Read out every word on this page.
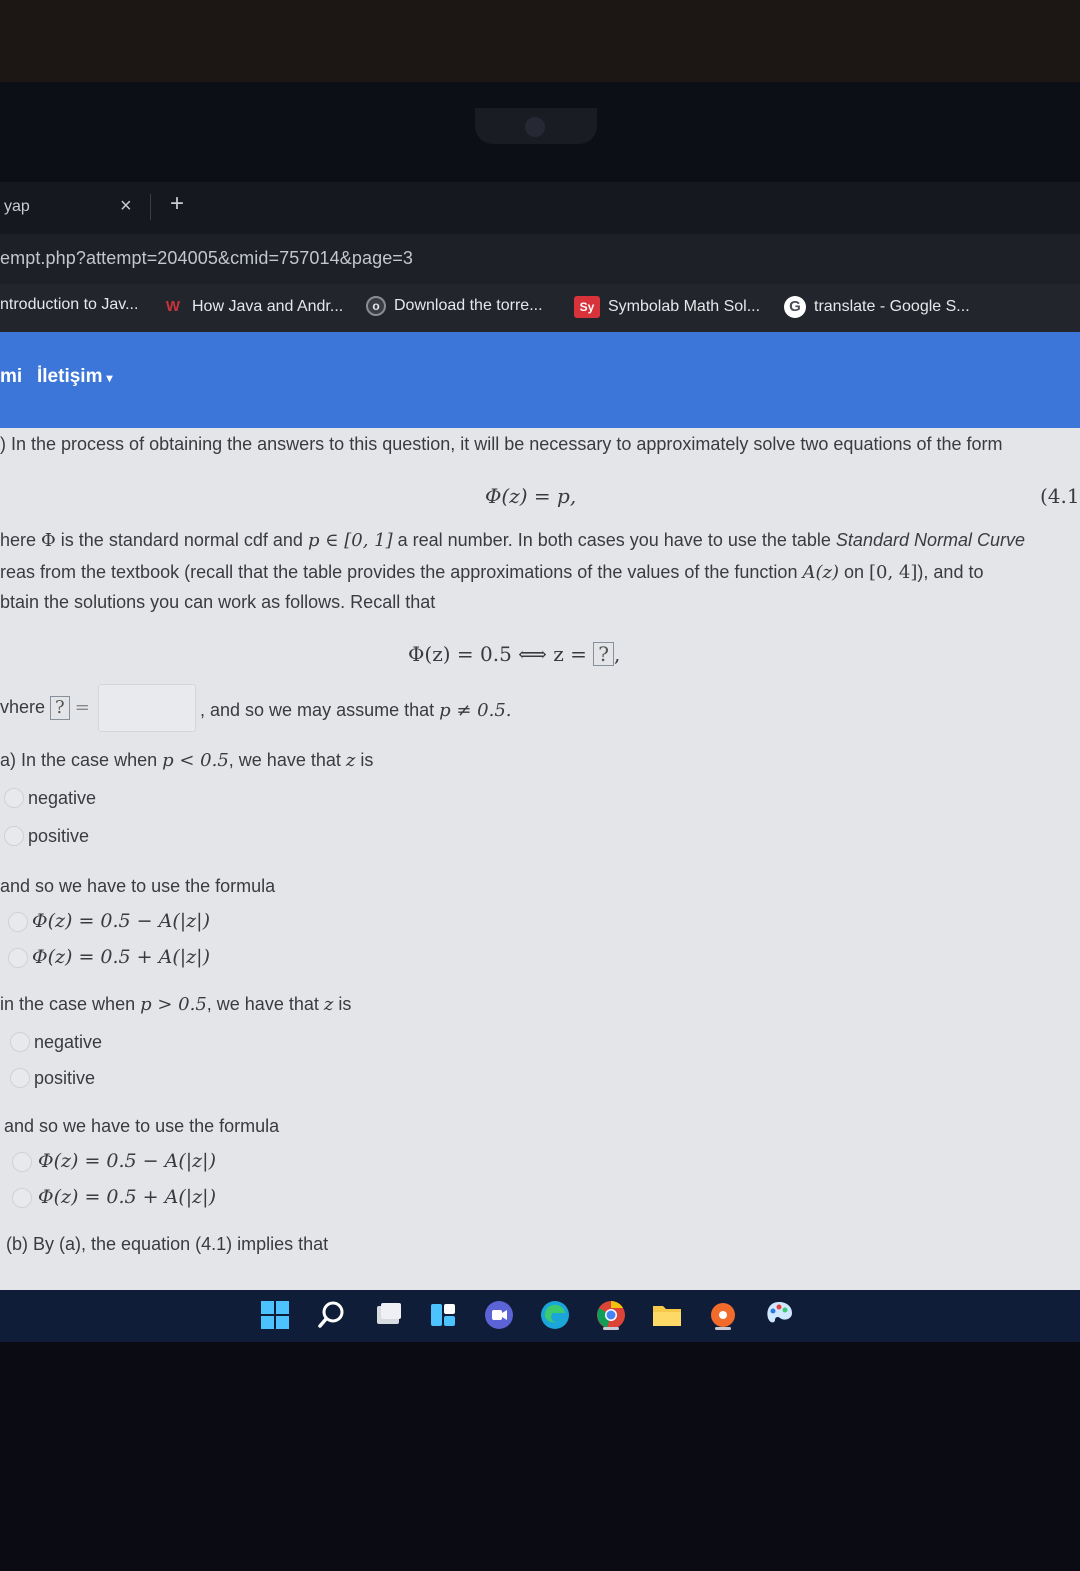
yap	× +
empt.php?attempt=204005&cmid=757014&page=3
ntroduction to Jav... W How Java and Andr...	o Download the torre...	Sy Symbolab Math Sol...	G translate - Google S...
mi İletişim ▾
) In the process of obtaining the answers to this question, it will be necessary to approximately solve two equations of the form
Φ(z) = p,	(4.1
here Φ is the standard normal cdf and p ∈ [0, 1] a real number. In both cases you have to use the table Standard Normal Curve
reas from the textbook (recall that the table provides the approximations of the values of the function A(z) on [0, 4]), and to
btain the solutions you can work as follows. Recall that
Φ(z) = 0.5 ⟺ z = ? ,
vhere ? =	, and so we may assume that p ≠ 0.5.
a) In the case when p < 0.5, we have that z is
negative
positive
and so we have to use the formula
Φ(z) = 0.5 − A(|z|)
Φ(z) = 0.5 + A(|z|)
in the case when p > 0.5, we have that z is
negative
positive
and so we have to use the formula
Φ(z) = 0.5 − A(|z|)
Φ(z) = 0.5 + A(|z|)
(b) By (a), the equation (4.1) implies that
